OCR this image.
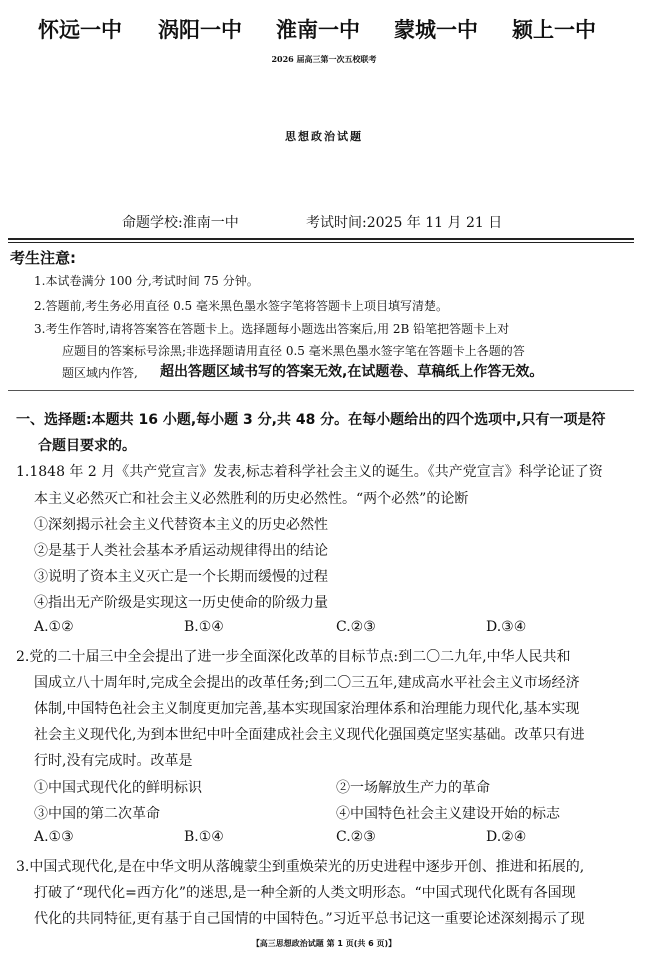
怀远一中 涡阳一中 淮南一中 蒙城一中 颍上一中
2026 届高三第一次五校联考
思想政治试题
命题学校:淮南一中	考试时间:2025 年 11 月 21 日
考生注意:
1.本试卷满分 100 分,考试时间 75 分钟。
2.答题前,考生务必用直径 0.5 毫米黑色墨水签字笔将答题卡上项目填写清楚。
3.考生作答时,请将答案答在答题卡上。选择题每小题选出答案后,用 2B 铅笔把答题卡上对
应题目的答案标号涂黑;非选择题请用直径 0.5 毫米黑色墨水签字笔在答题卡上各题的答
题区域内作答, 超出答题区域书写的答案无效,在试题卷、草稿纸上作答无效。
一、选择题:本题共 16 小题,每小题 3 分,共 48 分。在每小题给出的四个选项中,只有一项是符
合题目要求的。
1.1848 年 2 月《共产党宣言》发表,标志着科学社会主义的诞生。《共产党宣言》科学论证了资
本主义必然灭亡和社会主义必然胜利的历史必然性。“两个必然”的论断
①深刻揭示社会主义代替资本主义的历史必然性
②是基于人类社会基本矛盾运动规律得出的结论
③说明了资本主义灭亡是一个长期而缓慢的过程
④指出无产阶级是实现这一历史使命的阶级力量
A.①②	B.①④	C.②③	D.③④
2.党的二十届三中全会提出了进一步全面深化改革的目标节点:到二〇二九年,中华人民共和
国成立八十周年时,完成全会提出的改革任务;到二〇三五年,建成高水平社会主义市场经济
体制,中国特色社会主义制度更加完善,基本实现国家治理体系和治理能力现代化,基本实现
社会主义现代化,为到本世纪中叶全面建成社会主义现代化强国奠定坚实基础。改革只有进
行时,没有完成时。改革是
①中国式现代化的鲜明标识	②一场解放生产力的革命
③中国的第二次革命	④中国特色社会主义建设开始的标志
A.①③	B.①④	C.②③	D.②④
3.中国式现代化,是在中华文明从落魄蒙尘到重焕荣光的历史进程中逐步开创、推进和拓展的,
打破了“现代化=西方化”的迷思,是一种全新的人类文明形态。“中国式现代化既有各国现
代化的共同特征,更有基于自己国情的中国特色。”习近平总书记这一重要论述深刻揭示了现
【高三思想政治试题 第 1 页(共 6 页)】
